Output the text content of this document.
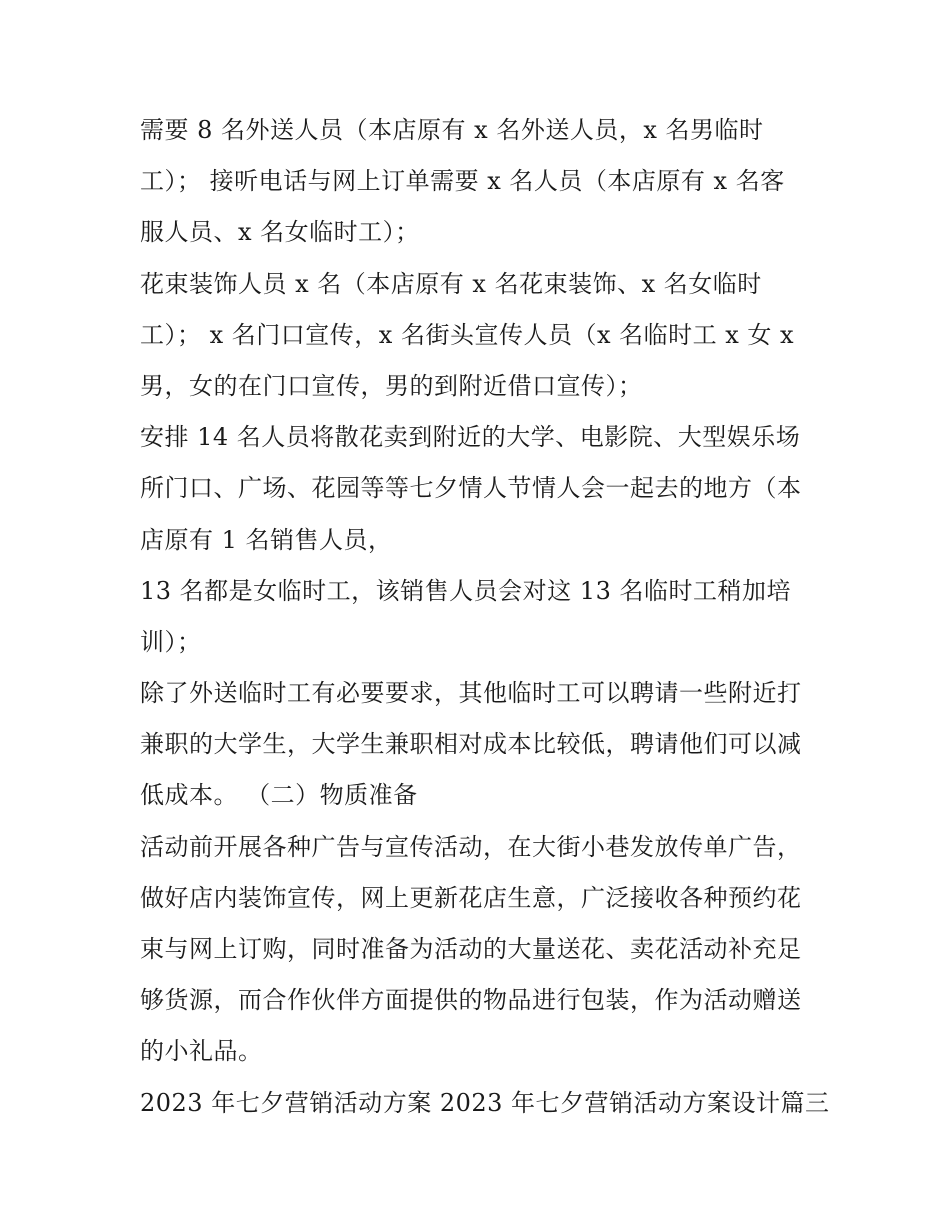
需要 8 名外送人员（本店原有 x 名外送人员，x 名男临时
工）； 接听电话与网上订单需要 x 名人员（本店原有 x 名客
服人员、x 名女临时工）；
花束装饰人员 x 名（本店原有 x 名花束装饰、x 名女临时
工）； x 名门口宣传，x 名街头宣传人员（x 名临时工 x 女 x
男，女的在门口宣传，男的到附近借口宣传）；
安排 14 名人员将散花卖到附近的大学、电影院、大型娱乐场
所门口、广场、花园等等七夕情人节情人会一起去的地方（本
店原有 1 名销售人员，
13 名都是女临时工，该销售人员会对这 13 名临时工稍加培
训）；
除了外送临时工有必要要求，其他临时工可以聘请一些附近打
兼职的大学生，大学生兼职相对成本比较低，聘请他们可以减
低成本。 （二）物质准备
活动前开展各种广告与宣传活动，在大街小巷发放传单广告，
做好店内装饰宣传，网上更新花店生意，广泛接收各种预约花
束与网上订购，同时准备为活动的大量送花、卖花活动补充足
够货源，而合作伙伴方面提供的物品进行包装，作为活动赠送
的小礼品。
2023 年七夕营销活动方案 2023 年七夕营销活动方案设计篇三
